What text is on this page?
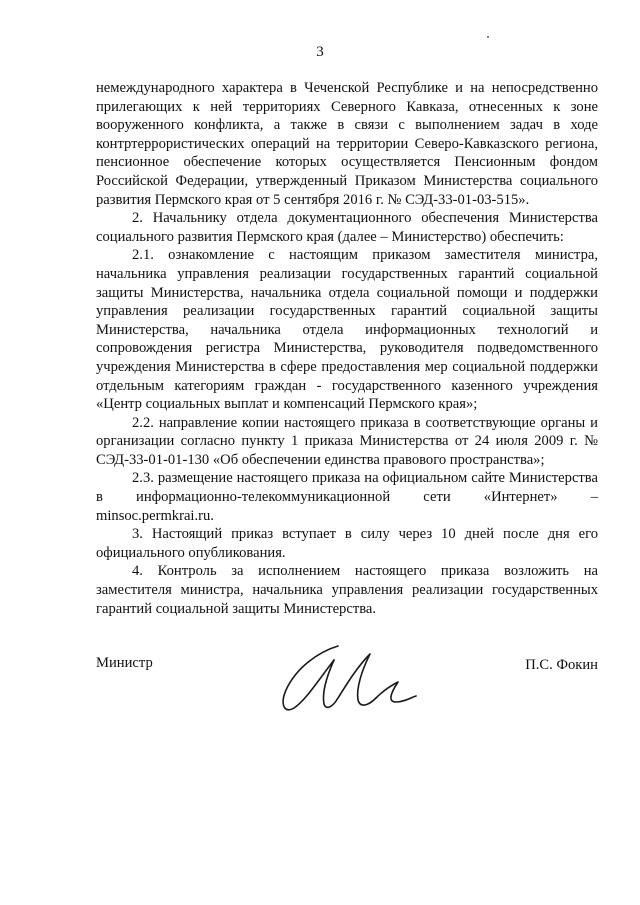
3

немеждународного характера в Чеченской Республике и на непосредственно прилегающих к ней территориях Северного Кавказа, отнесенных к зоне вооруженного конфликта, а также в связи с выполнением задач в ходе контртеррористических операций на территории Северо-Кавказского региона, пенсионное обеспечение которых осуществляется Пенсионным фондом Российской Федерации, утвержденный Приказом Министерства социального развития Пермского края от 5 сентября 2016 г. № СЭД-33-01-03-515».

2. Начальнику отдела документационного обеспечения Министерства социального развития Пермского края (далее – Министерство) обеспечить:

2.1. ознакомление с настоящим приказом заместителя министра, начальника управления реализации государственных гарантий социальной защиты Министерства, начальника отдела социальной помощи и поддержки управления реализации государственных гарантий социальной защиты Министерства, начальника отдела информационных технологий и сопровождения регистра Министерства, руководителя подведомственного учреждения Министерства в сфере предоставления мер социальной поддержки отдельным категориям граждан - государственного казенного учреждения «Центр социальных выплат и компенсаций Пермского края»;

2.2. направление копии настоящего приказа в соответствующие органы и организации согласно пункту 1 приказа Министерства от 24 июля 2009 г. № СЭД-33-01-01-130 «Об обеспечении единства правового пространства»;

2.3. размещение настоящего приказа на официальном сайте Министерства в информационно-телекоммуникационной сети «Интернет» – minsoc.permkrai.ru.

3. Настоящий приказ вступает в силу через 10 дней после дня его официального опубликования.

4. Контроль за исполнением настоящего приказа возложить на заместителя министра, начальника управления реализации государственных гарантий социальной защиты Министерства.

Министр	П.С. Фокин
